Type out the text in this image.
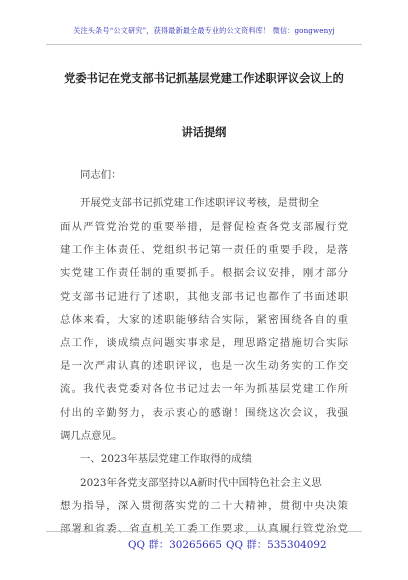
关注头条号“公文研究”，获得最新最全最专业的公文资料库！ 微信：gongwenyj
党委书记在党支部书记抓基层党建工作述职评议会议上的
讲话提纲
同志们：
开展党支部书记抓党建工作述职评议考核，是贯彻全
面从严管党治党的重要举措，是督促检查各党支部履行党
建工作主体责任、党组织书记第一责任的重要手段，是落
实党建工作责任制的重要抓手。根据会议安排，刚才部分
党支部书记进行了述职，其他支部书记也都作了书面述职
总体来看，大家的述职能够结合实际，紧密围绕各自的重
点工作，谈成绩点问题实事求是，理思路定措施切合实际
是一次严肃认真的述职评议，也是一次生动务实的工作交
流。我代表党委对各位书记过去一年为抓基层党建工作所
付出的辛勤努力，表示衷心的感谢！围绕这次会议，我强
调几点意见。
一、2023年基层党建工作取得的成绩
2023年各党支部坚持以A新时代中国特色社会主义思
想为指导，深入贯彻落实党的二十大精神，贯彻中央决策
部署和省委、省直机关工委工作要求，认真履行管党治党
QQ 群：30265665 QQ 群：535304092
